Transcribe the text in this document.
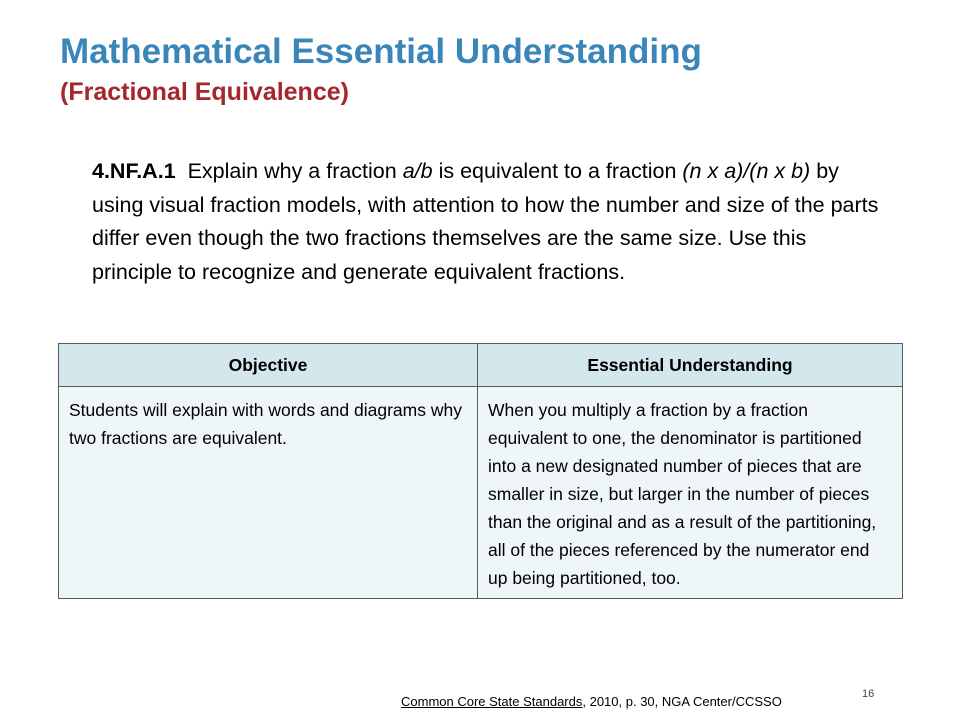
Mathematical Essential Understanding
(Fractional Equivalence)

4.NF.A.1 Explain why a fraction a/b is equivalent to a fraction (n x a)/(n x b) by using visual fraction models, with attention to how the number and size of the parts differ even though the two fractions themselves are the same size. Use this principle to recognize and generate equivalent fractions.

Objective	Essential Understanding
Students will explain with words and diagrams why two fractions are equivalent.	When you multiply a fraction by a fraction equivalent to one, the denominator is partitioned into a new designated number of pieces that are smaller in size, but larger in the number of pieces than the original and as a result of the partitioning, all of the pieces referenced by the numerator end up being partitioned, too.
Common Core State Standards, 2010, p. 30, NGA Center/CCSSO	16
